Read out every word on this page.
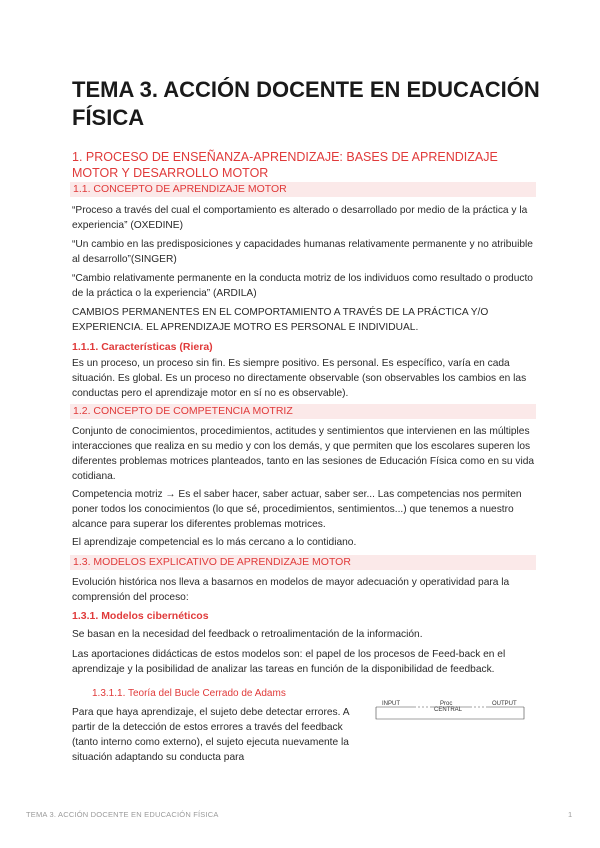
TEMA 3. ACCIÓN DOCENTE EN EDUCACIÓN FÍSICA
1. PROCESO DE ENSEÑANZA-APRENDIZAJE: BASES DE APRENDIZAJE MOTOR Y DESARROLLO MOTOR
1.1. CONCEPTO DE APRENDIZAJE MOTOR

“Proceso a través del cual el comportamiento es alterado o desarrollado por medio de la práctica y la experiencia” (OXEDINE)

“Un cambio en las predisposiciones y capacidades humanas relativamente permanente y no atribuible al desarrollo”(SINGER)

“Cambio relativamente permanente en la conducta motriz de los individuos como resultado o producto de la práctica o la experiencia” (ARDILA)

CAMBIOS PERMANENTES EN EL COMPORTAMIENTO A TRAVÉS DE LA PRÁCTICA Y/O EXPERIENCIA. EL APRENDIZAJE MOTRO ES PERSONAL E INDIVIDUAL.

1.1.1. Características (Riera)

Es un proceso, un proceso sin fin. Es siempre positivo. Es personal. Es específico, varía en cada situación. Es global. Es un proceso no directamente observable (son observables los cambios en las conductas pero el aprendizaje motor en sí no es observable).

1.2. CONCEPTO DE COMPETENCIA MOTRIZ

Conjunto de conocimientos, procedimientos, actitudes y sentimientos que intervienen en las múltiples interacciones que realiza en su medio y con los demás, y que permiten que los escolares superen los diferentes problemas motrices planteados, tanto en las sesiones de Educación Física como en su vida cotidiana.

Competencia motriz → Es el saber hacer, saber actuar, saber ser... Las competencias nos permiten poner todos los conocimientos (lo que sé, procedimientos, sentimientos...) que tenemos a nuestro alcance para superar los diferentes problemas motrices.

El aprendizaje competencial es lo más cercano a lo contidiano.

1.3. MODELOS EXPLICATIVO DE APRENDIZAJE MOTOR

Evolución histórica nos lleva a basarnos en modelos de mayor adecuación y operatividad para la comprensión del proceso:

1.3.1. Modelos cibernéticos

Se basan en la necesidad del feedback o retroalimentación de la información.

Las aportaciones didácticas de estos modelos son: el papel de los procesos de Feed-back en el aprendizaje y la posibilidad de analizar las tareas en función de la disponibilidad de feedback.

1.3.1.1. Teoría del Bucle Cerrado de Adams

Para que haya aprendizaje, el sujeto debe detectar errores. A partir de la detección de estos errores a través del feedback (tanto interno como externo), el sujeto ejecuta nuevamente la situación adaptando su conducta para

INPUT	Proc
CENTRAL
OUTPUT
TEMA 3. ACCIÓN DOCENTE EN EDUCACIÓN FÍSICA	1
